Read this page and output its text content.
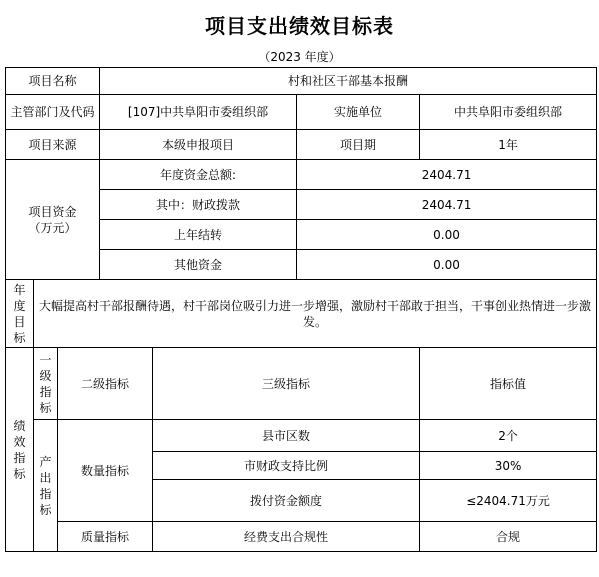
项目支出绩效目标表
（2023 年度）
项目名称			村和社区干部基本报酬			
主管部门及代码			[107]中共阜阳市委组织部		实施单位	中共阜阳市委组织部
项目来源			本级申报项目		项目期	1年
项目资金
（万元）			年度资金总额:		2404.71	
			其中：财政拨款		2404.71	
			上年结转		0.00	
			其他资金		0.00	
年度目标	大幅提高村干部报酬待遇，村干部岗位吸引力进一步增强，激励村干部敢于担当，干事创业热情进一步激发。					
绩效指标	一级指标	二级指标		三级指标		指标值
	产出指标	数量指标		县市区数		2个
				市财政支持比例		30%
				拨付资金额度		≤2404.71万元
		质量指标		经费支出合规性		合规
